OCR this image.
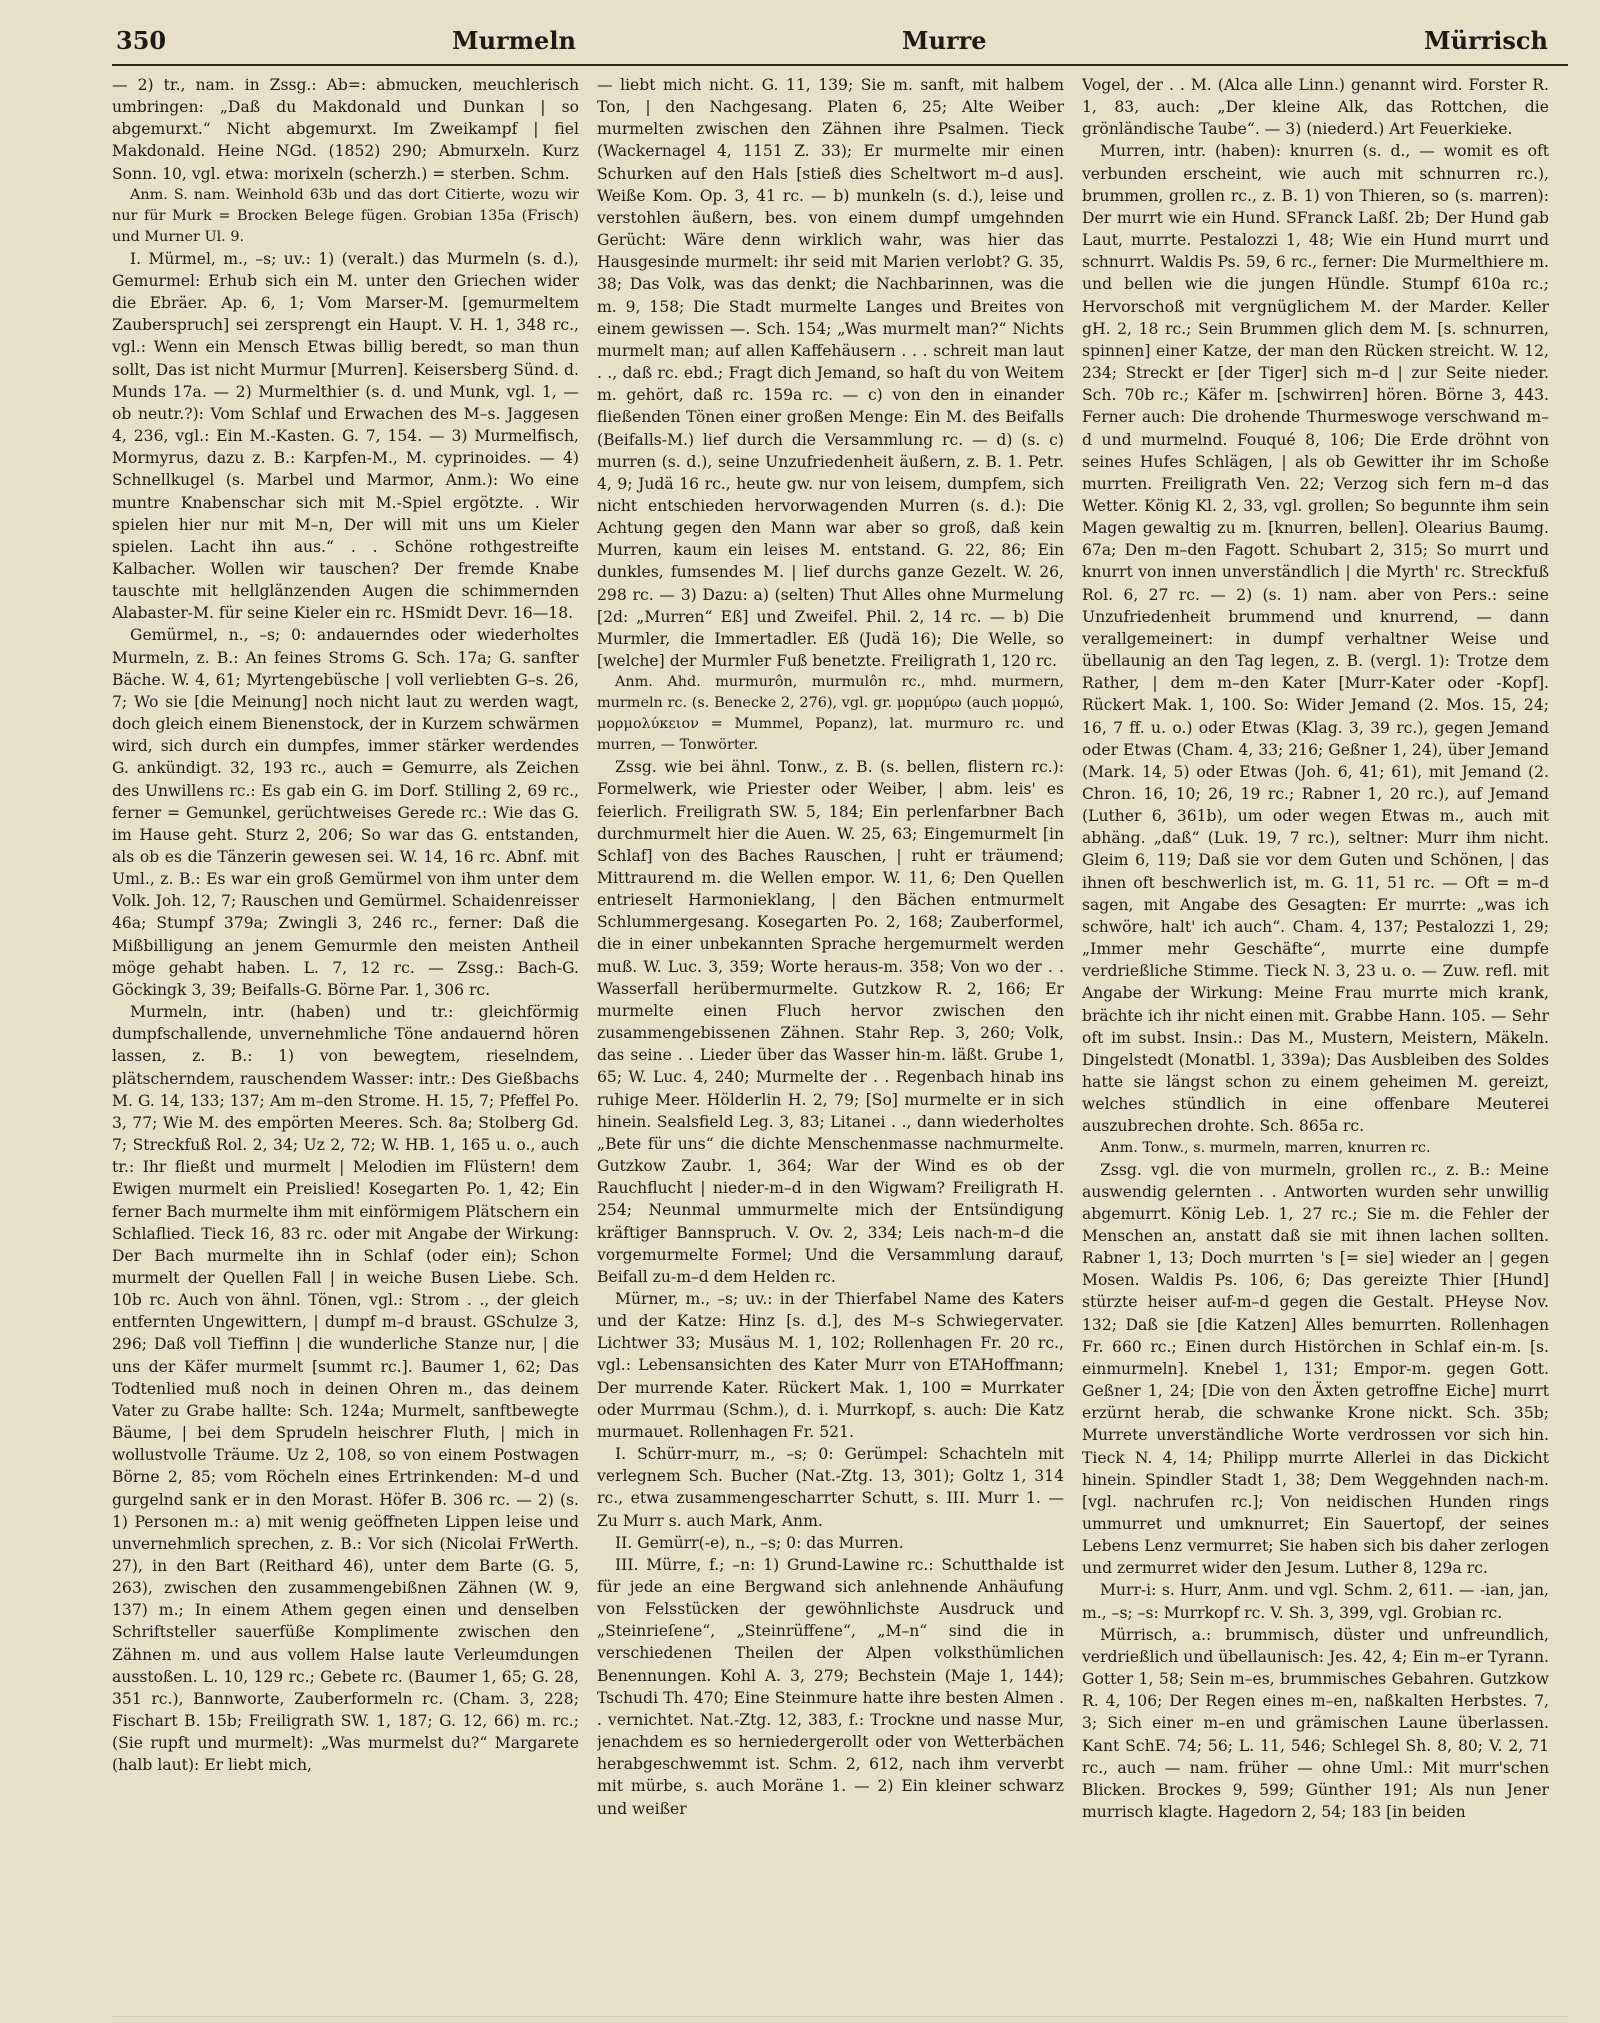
350	Murmeln	Murre	Mürrisch

— 2) tr., nam. in Zssg.: Ab=: abmucken, meuchlerisch umbringen: „Daß du Makdonald und Dunkan | so abgemurxt.“ Nicht abgemurxt. Im Zweikampf | fiel Makdonald. Heine NGd. (1852) 290; Abmurxeln. Kurz Sonn. 10, vgl. etwa: morixeln (scherzh.) = sterben. Schm.

Anm. S. nam. Weinhold 63b und das dort Citierte, wozu wir nur für Murk = Brocken Belege fügen. Grobian 135a (Frisch) und Murner Ul. 9.

I. Mürmel, m., –s; uv.: 1) (veralt.) das Murmeln (s. d.), Gemurmel: Erhub sich ein M. unter den Griechen wider die Ebräer. Ap. 6, 1; Vom Marser-M. [gemurmeltem Zauberspruch] sei zersprengt ein Haupt. V. H. 1, 348 rc., vgl.: Wenn ein Mensch Etwas billig beredt, so man thun sollt, Das ist nicht Murmur [Murren]. Keisersberg Sünd. d. Munds 17a. — 2) Murmelthier (s. d. und Munk, vgl. 1, — ob neutr.?): Vom Schlaf und Erwachen des M–s. Jaggesen 4, 236, vgl.: Ein M.-Kasten. G. 7, 154. — 3) Murmelfisch, Mormyrus, dazu z. B.: Karpfen-M., M. cyprinoides. — 4) Schnellkugel (s. Marbel und Marmor, Anm.): Wo eine muntre Knabenschar sich mit M.-Spiel ergötzte. . Wir spielen hier nur mit M–n, Der will mit uns um Kieler spielen. Lacht ihn aus.“ . . Schöne rothgestreifte Kalbacher. Wollen wir tauschen? Der fremde Knabe tauschte mit hellglänzenden Augen die schimmernden Alabaster-M. für seine Kieler ein rc. HSmidt Devr. 16—18.

Gemürmel, n., –s; 0: andauerndes oder wiederholtes Murmeln, z. B.: An feines Stroms G. Sch. 17a; G. sanfter Bäche. W. 4, 61; Myrtengebüsche | voll verliebten G–s. 26, 7; Wo sie [die Meinung] noch nicht laut zu werden wagt, doch gleich einem Bienenstock, der in Kurzem schwärmen wird, sich durch ein dumpfes, immer stärker werdendes G. ankündigt. 32, 193 rc., auch = Gemurre, als Zeichen des Unwillens rc.: Es gab ein G. im Dorf. Stilling 2, 69 rc., ferner = Gemunkel, gerüchtweises Gerede rc.: Wie das G. im Hause geht. Sturz 2, 206; So war das G. entstanden, als ob es die Tänzerin gewesen sei. W. 14, 16 rc. Abnf. mit Uml., z. B.: Es war ein groß Gemürmel von ihm unter dem Volk. Joh. 12, 7; Rauschen und Gemürmel. Schaidenreisser 46a; Stumpf 379a; Zwingli 3, 246 rc., ferner: Daß die Mißbilligung an jenem Gemurmle den meisten Antheil möge gehabt haben. L. 7, 12 rc. — Zssg.: Bach-G. Göckingk 3, 39; Beifalls-G. Börne Par. 1, 306 rc.

Murmeln, intr. (haben) und tr.: gleichförmig dumpfschallende, unvernehmliche Töne andauernd hören lassen, z. B.: 1) von bewegtem, rieselndem, plätscherndem, rauschendem Wasser: intr.: Des Gießbachs M. G. 14, 133; 137; Am m–den Strome. H. 15, 7; Pfeffel Po. 3, 77; Wie M. des empörten Meeres. Sch. 8a; Stolberg Gd. 7; Streckfuß Rol. 2, 34; Uz 2, 72; W. HB. 1, 165 u. o., auch tr.: Ihr fließt und murmelt | Melodien im Flüstern! dem Ewigen murmelt ein Preislied! Kosegarten Po. 1, 42; Ein ferner Bach murmelte ihm mit einförmigem Plätschern ein Schlaflied. Tieck 16, 83 rc. oder mit Angabe der Wirkung: Der Bach murmelte ihn in Schlaf (oder ein); Schon murmelt der Quellen Fall | in weiche Busen Liebe. Sch. 10b rc. Auch von ähnl. Tönen, vgl.: Strom . ., der gleich entfernten Ungewittern, | dumpf m–d braust. GSchulze 3, 296; Daß voll Tieffinn | die wunderliche Stanze nur, | die uns der Käfer murmelt [summt rc.]. Baumer 1, 62; Das Todtenlied muß noch in deinen Ohren m., das deinem Vater zu Grabe hallte: Sch. 124a; Murmelt, sanftbewegte Bäume, | bei dem Sprudeln heischrer Fluth, | mich in wollustvolle Träume. Uz 2, 108, so von einem Postwagen Börne 2, 85; vom Röcheln eines Ertrinkenden: M–d und gurgelnd sank er in den Morast. Höfer B. 306 rc. — 2) (s. 1) Personen m.: a) mit wenig geöffneten Lippen leise und unvernehmlich sprechen, z. B.: Vor sich (Nicolai FrWerth. 27), in den Bart (Reithard 46), unter dem Barte (G. 5, 263), zwischen den zusammengebißnen Zähnen (W. 9, 137) m.; In einem Athem gegen einen und denselben Schriftsteller sauerfüße Komplimente zwischen den Zähnen m. und aus vollem Halse laute Verleumdungen ausstoßen. L. 10, 129 rc.; Gebete rc. (Baumer 1, 65; G. 28, 351 rc.), Bannworte, Zauberformeln rc. (Cham. 3, 228; Fischart B. 15b; Freiligrath SW. 1, 187; G. 12, 66) m. rc.; (Sie rupft und murmelt): „Was murmelst du?“ Margarete (halb laut): Er liebt mich,

— liebt mich nicht. G. 11, 139; Sie m. sanft, mit halbem Ton, | den Nachgesang. Platen 6, 25; Alte Weiber murmelten zwischen den Zähnen ihre Psalmen. Tieck (Wackernagel 4, 1151 Z. 33); Er murmelte mir einen Schurken auf den Hals [stieß dies Scheltwort m–d aus]. Weiße Kom. Op. 3, 41 rc. — b) munkeln (s. d.), leise und verstohlen äußern, bes. von einem dumpf umgehnden Gerücht: Wäre denn wirklich wahr, was hier das Hausgesinde murmelt: ihr seid mit Marien verlobt? G. 35, 38; Das Volk, was das denkt; die Nachbarinnen, was die m. 9, 158; Die Stadt murmelte Langes und Breites von einem gewissen —. Sch. 154; „Was murmelt man?“ Nichts murmelt man; auf allen Kaffehäusern . . . schreit man laut . ., daß rc. ebd.; Fragt dich Jemand, so haſt du von Weitem m. gehört, daß rc. 159a rc. — c) von den in einander fließenden Tönen einer großen Menge: Ein M. des Beifalls (Beifalls-M.) lief durch die Versammlung rc. — d) (s. c) murren (s. d.), seine Unzufriedenheit äußern, z. B. 1. Petr. 4, 9; Judä 16 rc., heute gw. nur von leisem, dumpfem, sich nicht entschieden hervorwagenden Murren (s. d.): Die Achtung gegen den Mann war aber so groß, daß kein Murren, kaum ein leises M. entstand. G. 22, 86; Ein dunkles, fumsendes M. | lief durchs ganze Gezelt. W. 26, 298 rc. — 3) Dazu: a) (selten) Thut Alles ohne Murmelung [2d: „Murren“ Eß] und Zweifel. Phil. 2, 14 rc. — b) Die Murmler, die Immertadler. Eß (Judä 16); Die Welle, so [welche] der Murmler Fuß benetzte. Freiligrath 1, 120 rc.

Anm. Ahd. murmurôn, murmulôn rc., mhd. murmern, murmeln rc. (s. Benecke 2, 276), vgl. gr. μορμύρω (auch μορμώ, μορμολύκειον = Mummel, Popanz), lat. murmuro rc. und murren, — Tonwörter.

Zssg. wie bei ähnl. Tonw., z. B. (s. bellen, flistern rc.): Formelwerk, wie Priester oder Weiber, | abm. leis' es feierlich. Freiligrath SW. 5, 184; Ein perlenfarbner Bach durchmurmelt hier die Auen. W. 25, 63; Eingemurmelt [in Schlaf] von des Baches Rauschen, | ruht er träumend; Mittraurend m. die Wellen empor. W. 11, 6; Den Quellen entrieselt Harmonieklang, | den Bächen entmurmelt Schlummergesang. Kosegarten Po. 2, 168; Zauberformel, die in einer unbekannten Sprache hergemurmelt werden muß. W. Luc. 3, 359; Worte heraus-m. 358; Von wo der . . Wasserfall herübermurmelte. Gutzkow R. 2, 166; Er murmelte einen Fluch hervor zwischen den zusammengebissenen Zähnen. Stahr Rep. 3, 260; Volk, das seine . . Lieder über das Wasser hin-m. läßt. Grube 1, 65; W. Luc. 4, 240; Murmelte der . . Regenbach hinab ins ruhige Meer. Hölderlin H. 2, 79; [So] murmelte er in sich hinein. Sealsfield Leg. 3, 83; Litanei . ., dann wiederholtes „Bete für uns“ die dichte Menschenmasse nachmurmelte. Gutzkow Zaubr. 1, 364; War der Wind es ob der Rauchflucht | nieder-m–d in den Wigwam? Freiligrath H. 254; Neunmal ummurmelte mich der Entsündigung kräftiger Bannspruch. V. Ov. 2, 334; Leis nach-m–d die vorgemurmelte Formel; Und die Versammlung darauf, Beifall zu-m–d dem Helden rc.

Mürner, m., –s; uv.: in der Thierfabel Name des Katers und der Katze: Hinz [s. d.], des M–s Schwiegervater. Lichtwer 33; Musäus M. 1, 102; Rollenhagen Fr. 20 rc., vgl.: Lebensansichten des Kater Murr von ETAHoffmann; Der murrende Kater. Rückert Mak. 1, 100 = Murrkater oder Murrmau (Schm.), d. i. Murrkopf, s. auch: Die Katz murmauet. Rollenhagen Fr. 521.

I. Schürr-murr, m., –s; 0: Gerümpel: Schachteln mit verlegnem Sch. Bucher (Nat.-Ztg. 13, 301); Goltz 1, 314 rc., etwa zusammengescharrter Schutt, s. III. Murr 1. — Zu Murr s. auch Mark, Anm.

II. Gemürr(-e), n., –s; 0: das Murren.

III. Mürre, f.; –n: 1) Grund-Lawine rc.: Schutthalde ist für jede an eine Bergwand sich anlehnende Anhäufung von Felsstücken der gewöhnlichste Ausdruck und „Steinrieſene“, „Steinrüffene“, „M–n“ sind die in verschiedenen Theilen der Alpen volksthümlichen Benennungen. Kohl A. 3, 279; Bechstein (Maje 1, 144); Tschudi Th. 470; Eine Steinmure hatte ihre besten Almen . . vernichtet. Nat.-Ztg. 12, 383, f.: Trockne und nasse Mur, jenachdem es so herniedergerollt oder von Wetterbächen herabgeschwemmt ist. Schm. 2, 612, nach ihm ververbt mit mürbe, s. auch Moräne 1. — 2) Ein kleiner schwarz und weißer

Vogel, der . . M. (Alca alle Linn.) genannt wird. Forster R. 1, 83, auch: „Der kleine Alk, das Rottchen, die grönländische Taube“. — 3) (niederd.) Art Feuerkieke.

Murren, intr. (haben): knurren (s. d., — womit es oft verbunden erscheint, wie auch mit schnurren rc.), brummen, grollen rc., z. B. 1) von Thieren, so (s. marren): Der murrt wie ein Hund. SFranck Laßſ. 2b; Der Hund gab Laut, murrte. Pestalozzi 1, 48; Wie ein Hund murrt und schnurrt. Waldis Ps. 59, 6 rc., ferner: Die Murmelthiere m. und bellen wie die jungen Hündle. Stumpf 610a rc.; Hervorschoß mit vergnüglichem M. der Marder. Keller gH. 2, 18 rc.; Sein Brummen glich dem M. [s. schnurren, spinnen] einer Katze, der man den Rücken streicht. W. 12, 234; Streckt er [der Tiger] sich m–d | zur Seite nieder. Sch. 70b rc.; Käfer m. [schwirren] hören. Börne 3, 443. Ferner auch: Die drohende Thurmeswoge verschwand m–d und murmelnd. Fouqué 8, 106; Die Erde dröhnt von seines Hufes Schlägen, | als ob Gewitter ihr im Schoße murrten. Freiligrath Ven. 22; Verzog sich fern m–d das Wetter. König Kl. 2, 33, vgl. grollen; So begunnte ihm sein Magen gewaltig zu m. [knurren, bellen]. Olearius Baumg. 67a; Den m–den Fagott. Schubart 2, 315; So murrt und knurrt von innen unverständlich | die Myrth' rc. Streckfuß Rol. 6, 27 rc. — 2) (s. 1) nam. aber von Pers.: seine Unzufriedenheit brummend und knurrend, — dann verallgemeinert: in dumpf verhaltner Weise und übellaunig an den Tag legen, z. B. (vergl. 1): Trotze dem Rather, | dem m–den Kater [Murr-Kater oder -Kopf]. Rückert Mak. 1, 100. So: Wider Jemand (2. Mos. 15, 24; 16, 7 ff. u. o.) oder Etwas (Klag. 3, 39 rc.), gegen Jemand oder Etwas (Cham. 4, 33; 216; Geßner 1, 24), über Jemand (Mark. 14, 5) oder Etwas (Joh. 6, 41; 61), mit Jemand (2. Chron. 16, 10; 26, 19 rc.; Rabner 1, 20 rc.), auf Jemand (Luther 6, 361b), um oder wegen Etwas m., auch mit abhäng. „daß“ (Luk. 19, 7 rc.), seltner: Murr ihm nicht. Gleim 6, 119; Daß sie vor dem Guten und Schönen, | das ihnen oft beschwerlich ist, m. G. 11, 51 rc. — Oft = m–d sagen, mit Angabe des Gesagten: Er murrte: „was ich schwöre, halt' ich auch“. Cham. 4, 137; Pestalozzi 1, 29; „Immer mehr Geschäfte“, murrte eine dumpfe verdrießliche Stimme. Tieck N. 3, 23 u. o. — Zuw. refl. mit Angabe der Wirkung: Meine Frau murrte mich krank, brächte ich ihr nicht einen mit. Grabbe Hann. 105. — Sehr oft im subst. Insin.: Das M., Mustern, Meistern, Mäkeln. Dingelstedt (Monatbl. 1, 339a); Das Ausbleiben des Soldes hatte sie längst schon zu einem geheimen M. gereizt, welches stündlich in eine offenbare Meuterei auszubrechen drohte. Sch. 865a rc.

Anm. Tonw., s. murmeln, marren, knurren rc.

Zssg. vgl. die von murmeln, grollen rc., z. B.: Meine auswendig gelernten . . Antworten wurden sehr unwillig abgemurrt. König Leb. 1, 27 rc.; Sie m. die Fehler der Menschen an, anstatt daß sie mit ihnen lachen sollten. Rabner 1, 13; Doch murrten 's [= sie] wieder an | gegen Mosen. Waldis Ps. 106, 6; Das gereizte Thier [Hund] stürzte heiser auf-m–d gegen die Gestalt. PHeyse Nov. 132; Daß sie [die Katzen] Alles bemurrten. Rollenhagen Fr. 660 rc.; Einen durch Histörchen in Schlaf ein-m. [s. einmurmeln]. Knebel 1, 131; Empor-m. gegen Gott. Geßner 1, 24; [Die von den Äxten getroffne Eiche] murrt erzürnt herab, die schwanke Krone nickt. Sch. 35b; Murrete unverständliche Worte verdrossen vor sich hin. Tieck N. 4, 14; Philipp murrte Allerlei in das Dickicht hinein. Spindler Stadt 1, 38; Dem Weggehnden nach-m. [vgl. nachrufen rc.]; Von neidischen Hunden rings ummurret und umknurret; Ein Sauertopf, der seines Lebens Lenz vermurret; Sie haben sich bis daher zerlogen und zermurret wider den Jesum. Luther 8, 129a rc.

Murr-i: s. Hurr, Anm. und vgl. Schm. 2, 611. — -ian, jan, m., –s; –s: Murrkopf rc. V. Sh. 3, 399, vgl. Grobian rc.

Mürrisch, a.: brummisch, düster und unfreundlich, verdrießlich und übellaunisch: Jes. 42, 4; Ein m–er Tyrann. Gotter 1, 58; Sein m–es, brummisches Gebahren. Gutzkow R. 4, 106; Der Regen eines m–en, naßkalten Herbstes. 7, 3; Sich einer m–en und grämischen Laune überlassen. Kant SchE. 74; 56; L. 11, 546; Schlegel Sh. 8, 80; V. 2, 71 rc., auch — nam. früher — ohne Uml.: Mit murr'schen Blicken. Brockes 9, 599; Günther 191; Als nun Jener murrisch klagte. Hagedorn 2, 54; 183 [in beiden
